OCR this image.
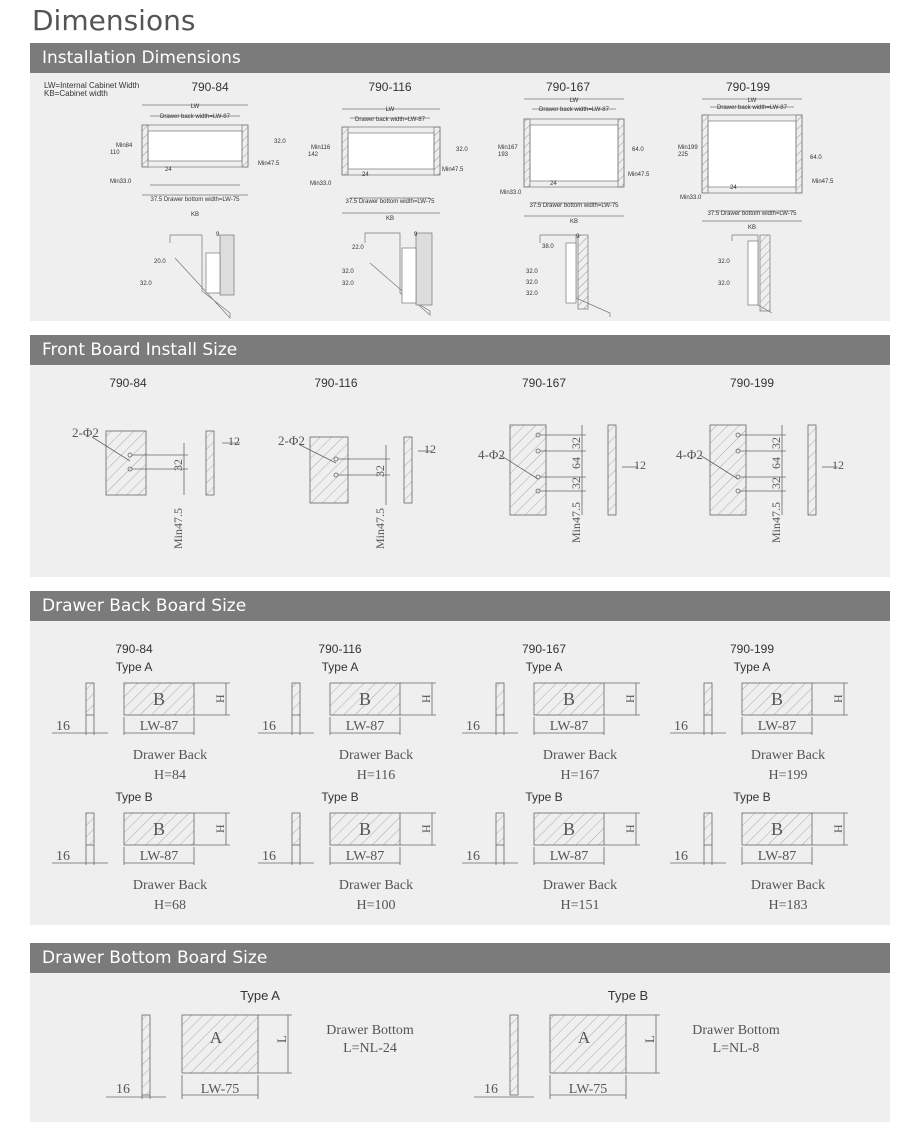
Dimensions
Installation Dimensions
LW=Internal Cabinet Width
KB=Cabinet width	790-84	790-116	790-167	790-199
LW
Drawer back width=LW-87
Min84
110
32.0
Min47.5
Min33.0
24
37.5 Drawer bottom width=LW-75
KB
9
20.0
32.0
LW
Drawer back width=LW-87
Min116
142
32.0
Min47.5
Min33.0
24
37.5 Drawer bottom width=LW-75
KB
9
22.0
32.0
32.0
LW
Drawer back width=LW-87
Min167
193
64.0
Min47.5
Min33.0
24
37.5 Drawer bottom width=LW-75
KB
9
38.0
32.0
32.0
32.0
LW
Drawer back width=LW-87
Min199
225	64.0
Min47.5
Min33.0
24
37.5 Drawer bottom width=LW-75
KB
32.0
32.0
Front Board Install Size
790-84	790-116	790-167	790-199
2-Φ2
32
12
Min47.5
2-Φ2
32
12
Min47.5
4-Φ2
32
64
32
12
Min47.5
4-Φ2
32
64
32
12
Min47.5
Drawer Back Board Size
790-84
Type A
B	H
16	LW-87
Drawer Back
H=84
Type B
B	H
16	LW-87
Drawer Back
H=68
790-116
Type A
B	H
16	LW-87
Drawer Back
H=116
Type B
B	H
16	LW-87
Drawer Back
H=100
790-167
Type A
B	H
16	LW-87
Drawer Back
H=167
Type B
B	H
16	LW-87
Drawer Back
H=151
790-199
Type A
B	H
16	LW-87
Drawer Back
H=199
Type B
B	H
16	LW-87
Drawer Back
H=183
Drawer Bottom Board Size
Type A
A	L
16	LW-75
Drawer Bottom
L=NL-24
Type B
A	L
16	LW-75
Drawer Bottom
L=NL-8
